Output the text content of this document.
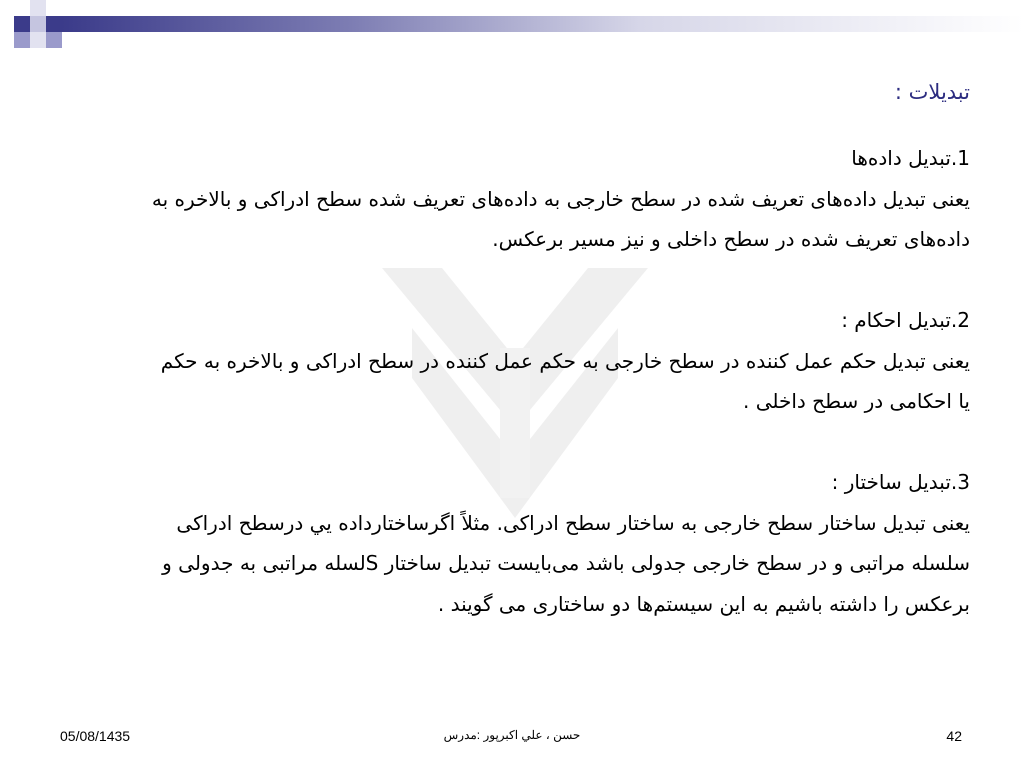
تبدیلات :

1.تبدیل داده‌ها

یعنی تبدیل داده‌های تعریف شده در سطح خارجی به داده‌های تعریف شده سطح ادراکی و بالاخره به

داده‌های تعریف شده در سطح داخلی و نیز مسیر برعکس.

2.تبدیل احکام :

یعنی تبدیل حکم عمل کننده در سطح خارجی به حکم عمل کننده در سطح ادراکی و بالاخره به حکم

یا احکامی در سطح داخلی .

3.تبدیل ساختار :

یعنی تبدیل ساختار سطح خارجی به ساختار سطح ادراکی. مثلاً اگرساختارداده يي درسطح ادراکی

سلسله مراتبی و در سطح خارجی جدولی باشد می‌بایست تبدیل ساختار Sلسله مراتبی به جدولی و

برعکس را داشته باشیم به این سیستم‌ها دو ساختاری می گویند .

05/08/1435	حسن ، علي اکبرپور :مدرس	42
